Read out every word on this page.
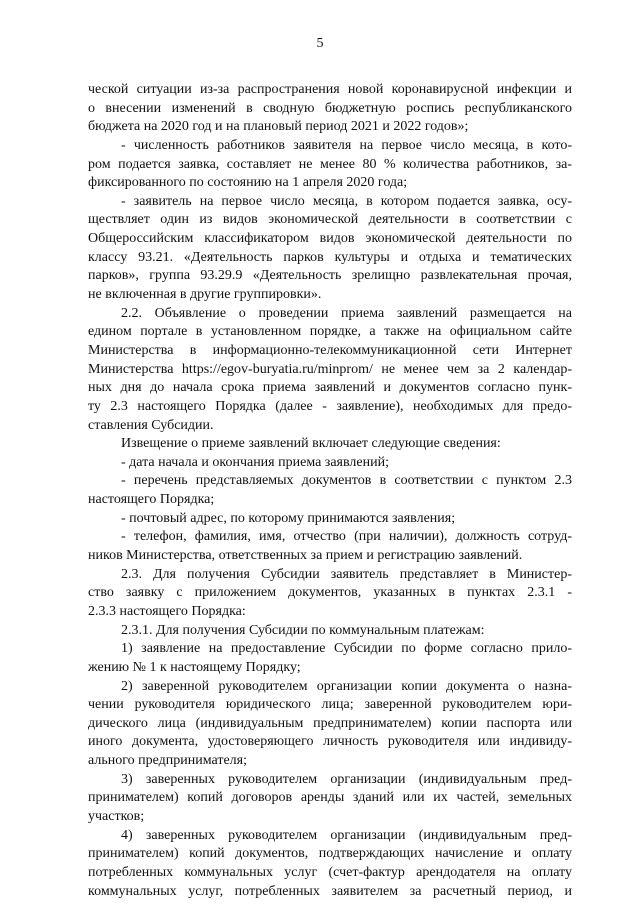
5
ческой ситуации из-за распространения новой коронавирусной инфекции и
о внесении изменений в сводную бюджетную роспись республиканского
бюджета на 2020 год и на плановый период 2021 и 2022 годов»;
- численность работников заявителя на первое число месяца, в кото-
ром подается заявка, составляет не менее 80 % количества работников, за-
фиксированного по состоянию на 1 апреля 2020 года;
- заявитель на первое число месяца, в котором подается заявка, осу-
ществляет один из видов экономической деятельности в соответствии с
Общероссийским классификатором видов экономической деятельности по
классу 93.21. «Деятельность парков культуры и отдыха и тематических
парков», группа 93.29.9 «Деятельность зрелищно развлекательная прочая,
не включенная в другие группировки».
2.2. Объявление о проведении приема заявлений размещается на
едином портале в установленном порядке, а также на официальном сайте
Министерства в информационно-телекоммуникационной сети Интернет
Министерства https://egov-buryatia.ru/minprom/ не менее чем за 2 календар-
ных дня до начала срока приема заявлений и документов согласно пунк-
ту 2.3 настоящего Порядка (далее - заявление), необходимых для предо-
ставления Субсидии.
Извещение о приеме заявлений включает следующие сведения:
- дата начала и окончания приема заявлений;
- перечень представляемых документов в соответствии с пунктом 2.3
настоящего Порядка;
- почтовый адрес, по которому принимаются заявления;
- телефон, фамилия, имя, отчество (при наличии), должность сотруд-
ников Министерства, ответственных за прием и регистрацию заявлений.
2.3. Для получения Субсидии заявитель представляет в Министер-
ство заявку с приложением документов, указанных в пунктах 2.3.1 -
2.3.3 настоящего Порядка:
2.3.1. Для получения Субсидии по коммунальным платежам:
1) заявление на предоставление Субсидии по форме согласно прило-
жению № 1 к настоящему Порядку;
2) заверенной руководителем организации копии документа о назна-
чении руководителя юридического лица; заверенной руководителем юри-
дического лица (индивидуальным предпринимателем) копии паспорта или
иного документа, удостоверяющего личность руководителя или индивиду-
ального предпринимателя;
3) заверенных руководителем организации (индивидуальным пред-
принимателем) копий договоров аренды зданий или их частей, земельных
участков;
4) заверенных руководителем организации (индивидуальным пред-
принимателем) копий документов, подтверждающих начисление и оплату
потребленных коммунальных услуг (счет-фактур арендодателя на оплату
коммунальных услуг, потребленных заявителем за расчетный период, и
